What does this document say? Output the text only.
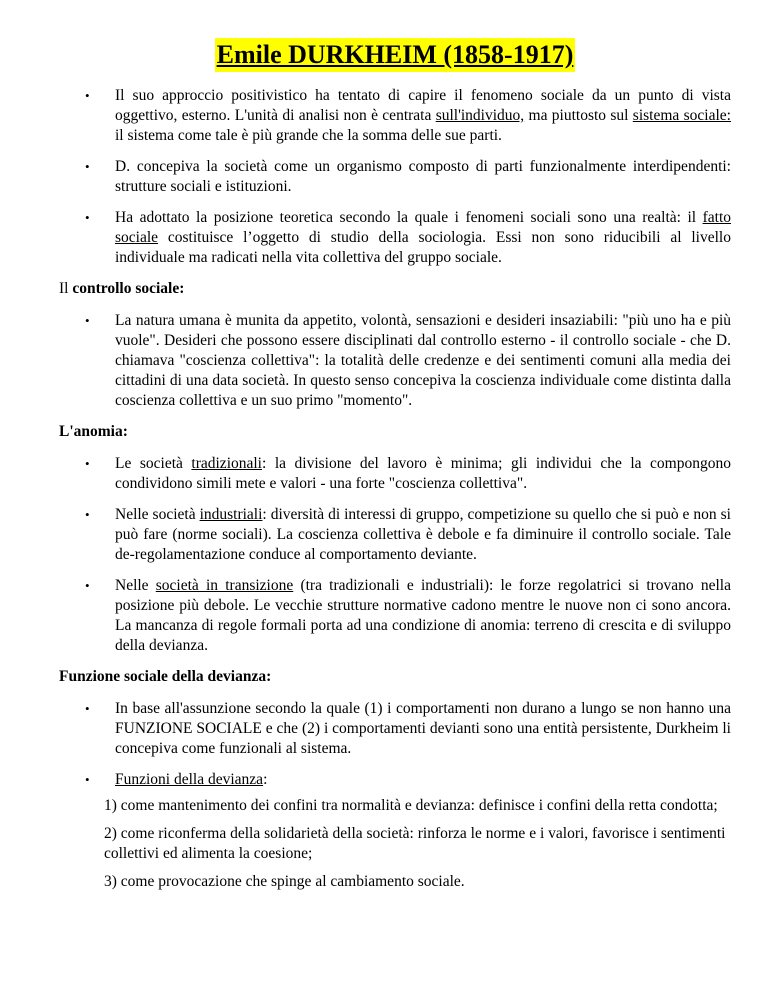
Emile DURKHEIM (1858-1917)
• Il suo approccio positivistico ha tentato di capire il fenomeno sociale da un punto di vista oggettivo, esterno. L'unità di analisi non è centrata sull'individuo, ma piuttosto sul sistema sociale: il sistema come tale è più grande che la somma delle sue parti.

• D. concepiva la società come un organismo composto di parti funzionalmente interdipendenti: strutture sociali e istituzioni.

• Ha adottato la posizione teoretica secondo la quale i fenomeni sociali sono una realtà: il fatto sociale costituisce l’oggetto di studio della sociologia. Essi non sono riducibili al livello individuale ma radicati nella vita collettiva del gruppo sociale.

Il controllo sociale:

• La natura umana è munita da appetito, volontà, sensazioni e desideri insaziabili: "più uno ha e più vuole". Desideri che possono essere disciplinati dal controllo esterno - il controllo sociale - che D. chiamava "coscienza collettiva": la totalità delle credenze e dei sentimenti comuni alla media dei cittadini di una data società. In questo senso concepiva la coscienza individuale come distinta dalla coscienza collettiva e un suo primo "momento".

L'anomia:

• Le società tradizionali: la divisione del lavoro è minima; gli individui che la compongono condividono simili mete e valori - una forte "coscienza collettiva".

• Nelle società industriali: diversità di interessi di gruppo, competizione su quello che si può e non si può fare (norme sociali). La coscienza collettiva è debole e fa diminuire il controllo sociale. Tale de-regolamentazione conduce al comportamento deviante.

• Nelle società in transizione (tra tradizionali e industriali): le forze regolatrici si trovano nella posizione più debole. Le vecchie strutture normative cadono mentre le nuove non ci sono ancora. La mancanza di regole formali porta ad una condizione di anomia: terreno di crescita e di sviluppo della devianza.

Funzione sociale della devianza:

• In base all'assunzione secondo la quale (1) i comportamenti non durano a lungo se non hanno una FUNZIONE SOCIALE e che (2) i comportamenti devianti sono una entità persistente, Durkheim li concepiva come funzionali al sistema.

• Funzioni della devianza:

1) come mantenimento dei confini tra normalità e devianza: definisce i confini della retta condotta;

2) come riconferma della solidarietà della società: rinforza le norme e i valori, favorisce i sentimenti collettivi ed alimenta la coesione;

3) come provocazione che spinge al cambiamento sociale.
